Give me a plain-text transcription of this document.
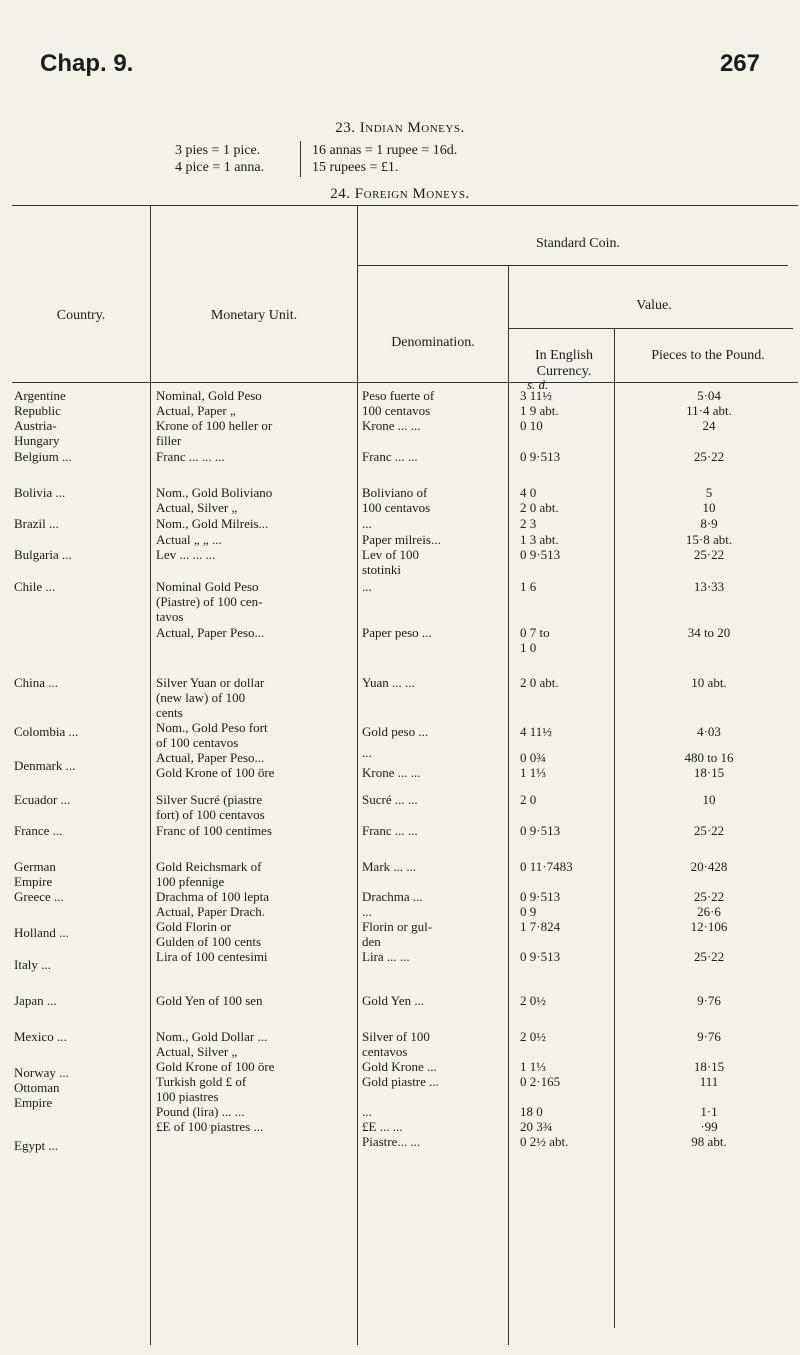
Chap. 9.	267
23. Indian Moneys.
3 pies = 1 pice.
4 pice = 1 anna.
16 annas = 1 rupee = 16d.
15 rupees = £1.
24. Foreign Moneys.
Country.	Monetary Unit.
Standard Coin.
Denomination.
Value.
In English Currency.
Pieces to the Pound.
s. d.
Argentine
Republic
Austria-
Hungary
Belgium ...
Bolivia ...
Brazil ...
Bulgaria ...
Chile ...
China ...
Colombia ...
Denmark ...
Ecuador ...
France ...
German
Empire
Greece ...
Holland ...
Italy ...
Japan ...
Mexico ...
Norway ...
Ottoman
Empire
Egypt ...
Nominal, Gold Peso
Actual, Paper „
Krone of 100 heller or
filler
Franc ... ... ...
Nom., Gold Boliviano
Actual, Silver „
Nom., Gold Milreis...
Actual „ „ ...
Lev ... ... ...
Nominal Gold Peso
(Piastre) of 100 cen-
tavos
Actual, Paper Peso...
Silver Yuan or dollar
(new law) of 100
cents
Nom., Gold Peso fort
of 100 centavos
Actual, Paper Peso...
Gold Krone of 100 öre
Silver Sucré (piastre
fort) of 100 centavos
Franc of 100 centimes
Gold Reichsmark of
100 pfennige
Drachma of 100 lepta
Actual, Paper Drach.
Gold Florin or
Gulden of 100 cents
Lira of 100 centesimi
Gold Yen of 100 sen
Nom., Gold Dollar ...
Actual, Silver „
Gold Krone of 100 öre
Turkish gold £ of
100 piastres
Pound (lira) ... ...
£E of 100 piastres ...
Peso fuerte of
100 centavos
Krone ... ...
Franc ... ...
Boliviano of
100 centavos
...
Paper milreis...
Lev of 100
stotinki
...
Paper peso ...
Yuan ... ...
Gold peso ...
...
Krone ... ...
Sucré ... ...
Franc ... ...
Mark ... ...
Drachma ...
...
Florin or gul-
den
Lira ... ...
Gold Yen ...
Silver of 100
centavos
Gold Krone ...
Gold piastre ...
...
£E ... ...
Piastre... ...
3 11½
1 9 abt.
0 10
0 9·513
4 0
2 0 abt.
2 3
1 3 abt.
0 9·513
1 6
0 7 to
1 0
2 0 abt.
4 11½
0 0¾
1 1⅓
2 0
0 9·513
0 11·7483
0 9·513
0 9
1 7·824
0 9·513
2 0½
2 0½
1 1⅓
0 2·165
18 0
20 3¾
0 2½ abt.
5·04
11·4 abt.
24
25·22
5
10
8·9
15·8 abt.
25·22
13·33
34 to 20
10 abt.
4·03
480 to 16
18·15
10
25·22
20·428
25·22
26·6
12·106
25·22
9·76
9·76
18·15
111
1·1
·99
98 abt.
